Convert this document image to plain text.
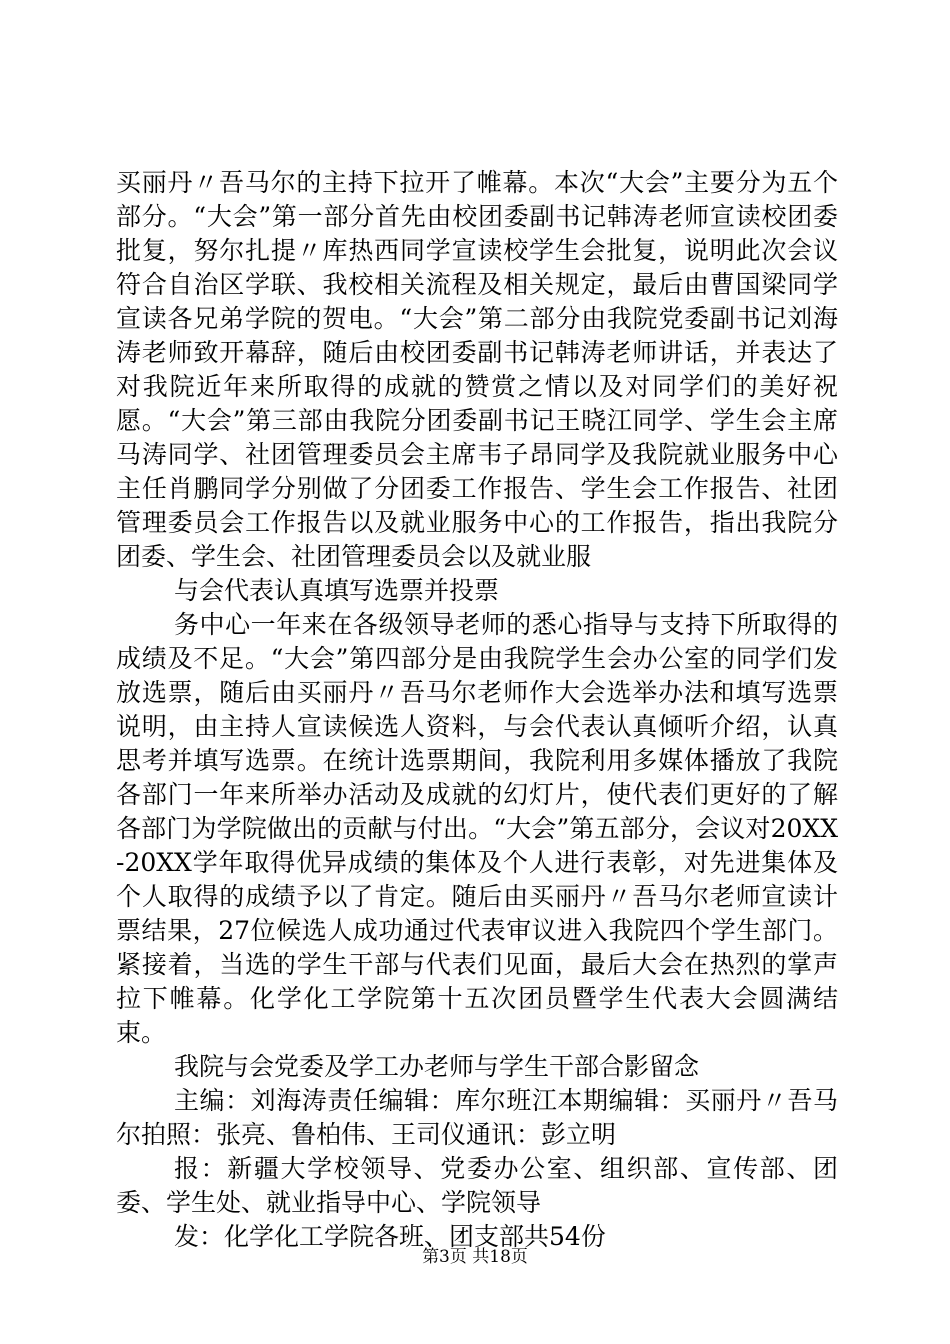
买丽丹〃吾马尔的主持下拉开了帷幕。本次“大会”主要分为五个部分。“大会”第一部分首先由校团委副书记韩涛老师宣读校团委批复，努尔扎提〃库热西同学宣读校学生会批复，说明此次会议符合自治区学联、我校相关流程及相关规定，最后由曹国梁同学宣读各兄弟学院的贺电。“大会”第二部分由我院党委副书记刘海涛老师致开幕辞，随后由校团委副书记韩涛老师讲话，并表达了对我院近年来所取得的成就的赞赏之情以及对同学们的美好祝愿。“大会”第三部由我院分团委副书记王晓江同学、学生会主席马涛同学、社团管理委员会主席韦子昂同学及我院就业服务中心主任肖鹏同学分别做了分团委工作报告、学生会工作报告、社团管理委员会工作报告以及就业服务中心的工作报告，指出我院分团委、学生会、社团管理委员会以及就业服

与会代表认真填写选票并投票

务中心一年来在各级领导老师的悉心指导与支持下所取得的成绩及不足。“大会”第四部分是由我院学生会办公室的同学们发放选票，随后由买丽丹〃吾马尔老师作大会选举办法和填写选票说明，由主持人宣读候选人资料，与会代表认真倾听介绍，认真思考并填写选票。在统计选票期间，我院利用多媒体播放了我院各部门一年来所举办活动及成就的幻灯片，使代表们更好的了解各部门为学院做出的贡献与付出。“大会”第五部分，会议对20XX-20XX学年取得优异成绩的集体及个人进行表彰，对先进集体及个人取得的成绩予以了肯定。随后由买丽丹〃吾马尔老师宣读计票结果，27位候选人成功通过代表审议进入我院四个学生部门。紧接着，当选的学生干部与代表们见面，最后大会在热烈的掌声拉下帷幕。化学化工学院第十五次团员暨学生代表大会圆满结束。

我院与会党委及学工办老师与学生干部合影留念

主编：刘海涛责任编辑：库尔班江本期编辑：买丽丹〃吾马尔拍照：张亮、鲁柏伟、王司仪通讯：彭立明

报：新疆大学校领导、党委办公室、组织部、宣传部、团委、学生处、就业指导中心、学院领导

发：化学化工学院各班、团支部共54份

第3页 共18页
